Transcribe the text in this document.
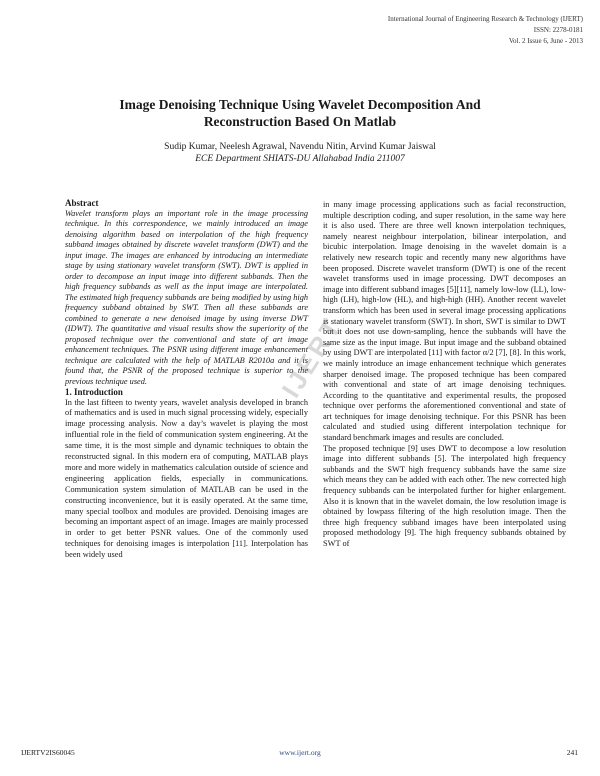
International Journal of Engineering Research & Technology (IJERT)
ISSN: 2278-0181
Vol. 2 Issue 6, June - 2013
Image Denoising Technique Using Wavelet Decomposition And
Reconstruction Based On Matlab
Sudip Kumar, Neelesh Agrawal, Navendu Nitin, Arvind Kumar Jaiswal
ECE Department SHIATS-DU Allahabad India 211007
IJERT

Abstract

Wavelet transform plays an important role in the image processing technique. In this correspondence, we mainly introduced an image denoising algorithm based on interpolation of the high frequency subband images obtained by discrete wavelet transform (DWT) and the input image. The images are enhanced by introducing an intermediate stage by using stationary wavelet transform (SWT). DWT is applied in order to decompose an input image into different subbands. Then the high frequency subbands as well as the input image are interpolated. The estimated high frequency subbands are being modified by using high frequency subband obtained by SWT. Then all these subbands are combined to generate a new denoised image by using inverse DWT (IDWT). The quantitative and visual results show the superiority of the proposed technique over the conventional and state of art image enhancement techniques. The PSNR using different image enhancement technique are calculated with the help of MATLAB R2010a and it is found that, the PSNR of the proposed technique is superior to the previous technique used.

1. Introduction

In the last fifteen to twenty years, wavelet analysis developed in branch of mathematics and is used in much signal processing widely, especially image processing analysis. Now a day’s wavelet is playing the most influential role in the field of communication system engineering. At the same time, it is the most simple and dynamic techniques to obtain the reconstructed signal. In this modern era of computing, MATLAB plays more and more widely in mathematics calculation outside of science and engineering application fields, especially in communications. Communication system simulation of MATLAB can be used in the constructing inconvenience, but it is easily operated. At the same time, many special toolbox and modules are provided. Denoising images are becoming an important aspect of an image. Images are mainly processed in order to get better PSNR values. One of the commonly used techniques for denoising images is interpolation [11]. Interpolation has been widely used

in many image processing applications such as facial reconstruction, multiple description coding, and super resolution, in the same way here it is also used. There are three well known interpolation techniques, namely nearest neighbour interpolation, bilinear interpolation, and bicubic interpolation. Image denoising in the wavelet domain is a relatively new research topic and recently many new algorithms have been proposed. Discrete wavelet transform (DWT) is one of the recent wavelet transforms used in image processing. DWT decomposes an image into different subband images [5][11], namely low-low (LL), low-high (LH), high-low (HL), and high-high (HH). Another recent wavelet transform which has been used in several image processing applications is stationary wavelet transform (SWT). In short, SWT is similar to DWT but it does not use down-sampling, hence the subbands will have the same size as the input image. But input image and the subband obtained by using DWT are interpolated [11] with factor α/2 [7], [8]. In this work, we mainly introduce an image enhancement technique which generates sharper denoised image. The proposed technique has been compared with conventional and state of art image denoising techniques. According to the quantitative and experimental results, the proposed technique over performs the aforementioned conventional and state of art techniques for image denoising technique. For this PSNR has been calculated and studied using different interpolation technique for standard benchmark images and results are concluded.

The proposed technique [9] uses DWT to decompose a low resolution image into different subbands [5]. The interpolated high frequency subbands and the SWT high frequency subbands have the same size which means they can be added with each other. The new corrected high frequency subbands can be interpolated further for higher enlargement. Also it is known that in the wavelet domain, the low resolution image is obtained by lowpass filtering of the high resolution image. Then the three high frequency subband images have been interpolated using proposed methodology [9]. The high frequency subbands obtained by SWT of

IJERTV2IS60045	www.ijert.org	241
